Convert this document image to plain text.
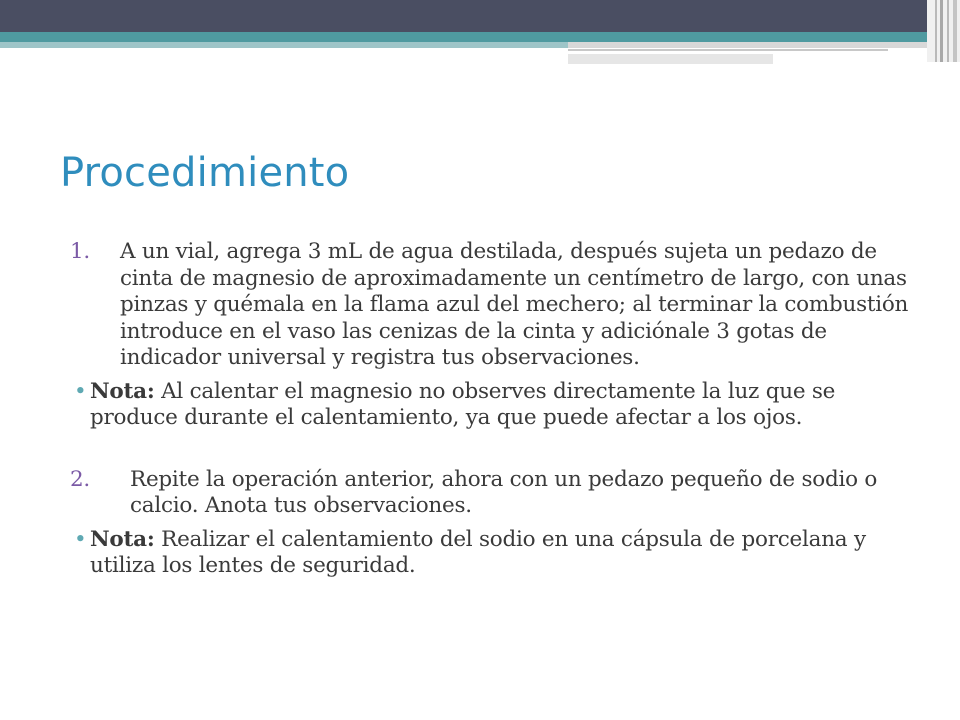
Procedimiento
1.	A un vial, agrega 3 mL de agua destilada, después sujeta un pedazo de cinta de magnesio de aproximadamente un centímetro de largo, con unas pinzas y quémala en la flama azul del mechero; al terminar la combustión introduce en el vaso las cenizas de la cinta y adiciónale 3 gotas de indicador universal y registra tus observaciones.
• Nota: Al calentar el magnesio no observes directamente la luz que se produce durante el calentamiento, ya que puede afectar a los ojos.
2.	Repite la operación anterior, ahora con un pedazo pequeño de sodio o calcio. Anota tus observaciones.
• Nota: Realizar el calentamiento del sodio en una cápsula de porcelana y utiliza los lentes de seguridad.
